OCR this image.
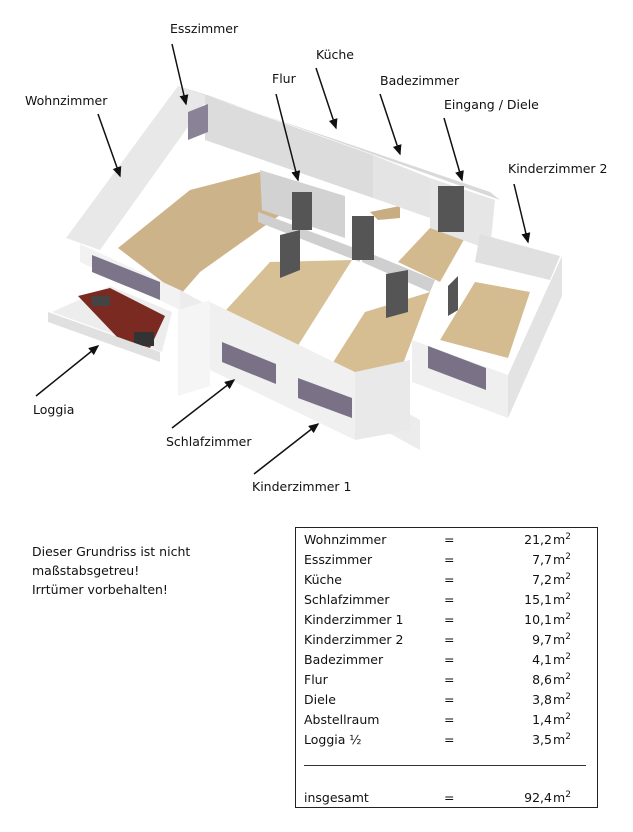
Esszimmer
Küche
Flur	Badezimmer
Wohnzimmer	Eingang / Diele
Kinderzimmer 2
Loggia
Schlafzimmer
Kinderzimmer 1
Dieser Grundriss ist nicht
maßstabsgetreu!
Irrtümer vorbehalten!
Wohnzimmer	=	21,2 $m^2$
Esszimmer	=	7,7 $m^2$
Küche	=	7,2 $m^2$
Schlafzimmer	=	15,1 $m^2$
Kinderzimmer 1	=	10,1 $m^2$
Kinderzimmer 2	=	9,7 $m^2$
Badezimmer	=	4,1 $m^2$
Flur	=	8,6 $m^2$
Diele	=	3,8 $m^2$
Abstellraum	=	1,4 $m^2$
Loggia ½	=	3,5 $m^2$
insgesamt	=	92,4 $m^2$
